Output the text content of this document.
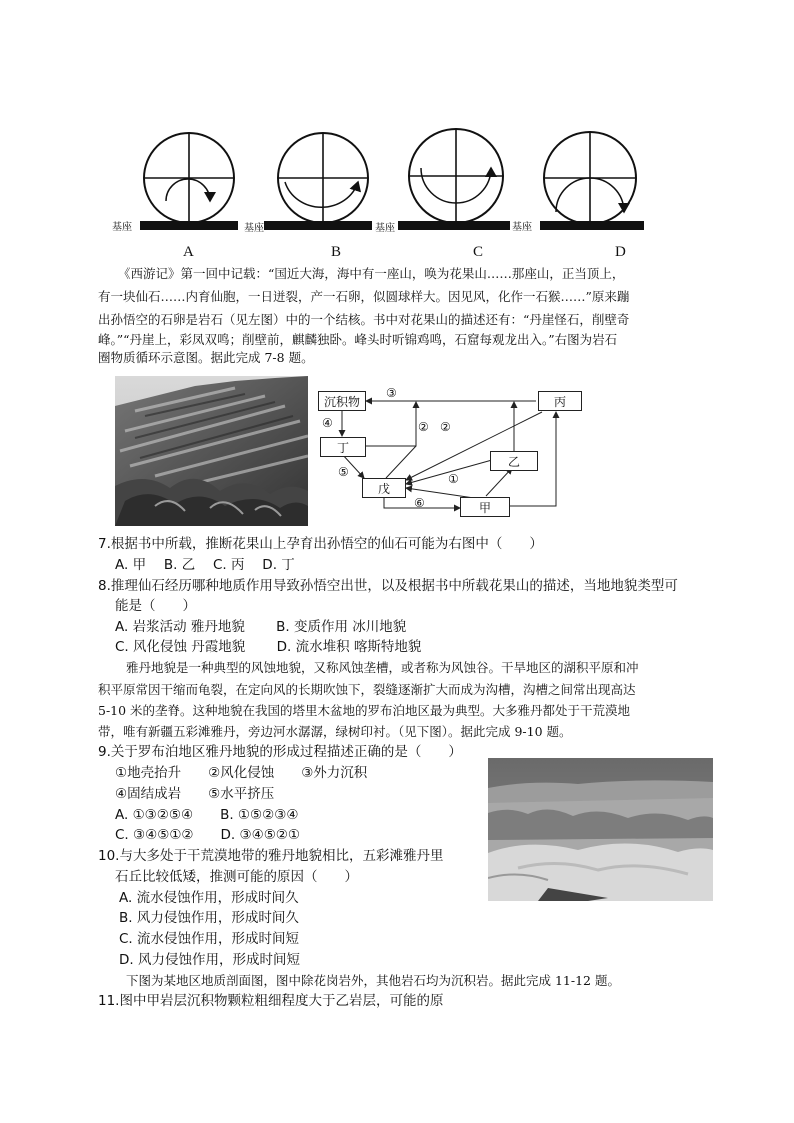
基座	基座	基座	基座
A	B	C	D
《西游记》第一回中记载：“国近大海，海中有一座山，唤为花果山……那座山，正当顶上，
有一块仙石……内育仙胞，一日迸裂，产一石卵，似圆球样大。因见风，化作一石猴……”原来蹦
出孙悟空的石卵是岩石（见左图）中的一个结核。书中对花果山的描述还有：“丹崖怪石，削壁奇
峰。”“丹崖上，彩凤双鸣；削壁前，麒麟独卧。峰头时听锦鸡鸣，石窟每观龙出入。”右图为岩石
圈物质循环示意图。据此完成 7-8 题。
沉积物	丙
丁
乙
戊
甲
③
④	② ②
⑤	①
⑥
7.根据书中所载，推断花果山上孕育出孙悟空的仙石可能为右图中（　　）
A. 甲　 B. 乙　 C. 丙　 D. 丁
8.推理仙石经历哪种地质作用导致孙悟空出世，以及根据书中所载花果山的描述，当地地貌类型可
能是（　　）
A. 岩浆活动 雅丹地貌　　 B. 变质作用 冰川地貌
C. 风化侵蚀 丹霞地貌　　 D. 流水堆积 喀斯特地貌
雅丹地貌是一种典型的风蚀地貌，又称风蚀垄槽，或者称为风蚀谷。干旱地区的湖积平原和冲
积平原常因干缩而龟裂，在定向风的长期吹蚀下，裂缝逐渐扩大而成为沟槽，沟槽之间常出现高达
5-10 米的垄脊。这种地貌在我国的塔里木盆地的罗布泊地区最为典型。大多雅丹都处于干荒漠地
带，唯有新疆五彩滩雅丹，旁边河水潺潺，绿树印衬。（见下图）。据此完成 9-10 题。
9.关于罗布泊地区雅丹地貌的形成过程描述正确的是（　　）
①地壳抬升　　②风化侵蚀　　③外力沉积
④固结成岩　　⑤水平挤压
A. ①③②⑤④　　B. ①⑤②③④
C. ③④⑤①②　　D. ③④⑤②①
10.与大多处于干荒漠地带的雅丹地貌相比，五彩滩雅丹里
石丘比较低矮，推测可能的原因（　　）
A. 流水侵蚀作用，形成时间久
B. 风力侵蚀作用，形成时间久
C. 流水侵蚀作用，形成时间短
D. 风力侵蚀作用，形成时间短
下图为某地区地质剖面图，图中除花岗岩外，其他岩石均为沉积岩。据此完成 11-12 题。
11.图中甲岩层沉积物颗粒粗细程度大于乙岩层，可能的原
